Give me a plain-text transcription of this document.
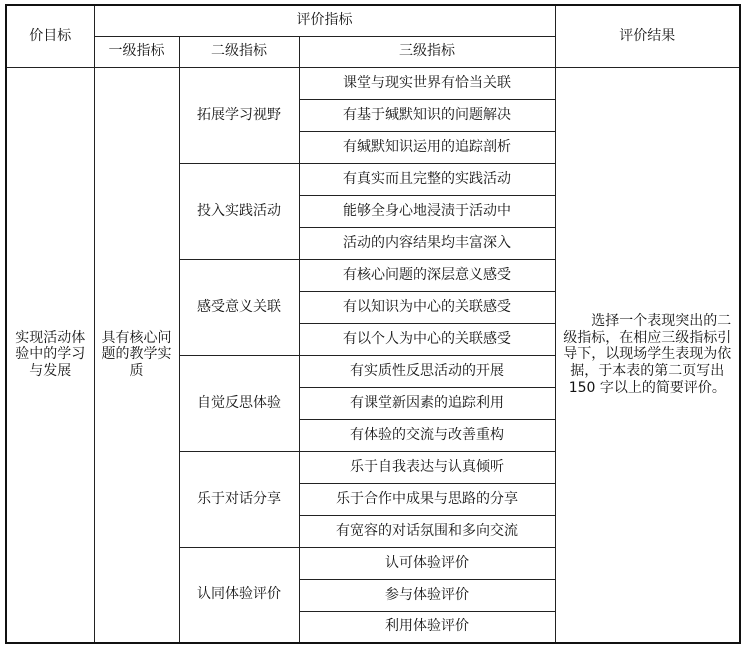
价目标	评价指标			评价结果
	一级指标	二级指标	三级指标	
实现活动体验中的学习与发展	具有核心问题的教学实质	拓展学习视野	课堂与现实世界有恰当关联	选择一个表现突出的二级指标，在相应三级指标引导下，以现场学生表现为依据，于本表的第二页写出 150 字以上的简要评价。
			有基于缄默知识的问题解决	
			有缄默知识运用的追踪剖析	
		投入实践活动	有真实而且完整的实践活动	
			能够全身心地浸渍于活动中	
			活动的内容结果均丰富深入	
		感受意义关联	有核心问题的深层意义感受	
			有以知识为中心的关联感受	
			有以个人为中心的关联感受	
		自觉反思体验	有实质性反思活动的开展	
			有课堂新因素的追踪利用	
			有体验的交流与改善重构	
		乐于对话分享	乐于自我表达与认真倾听	
			乐于合作中成果与思路的分享	
			有宽容的对话氛围和多向交流	
		认同体验评价	认可体验评价	
			参与体验评价	
			利用体验评价	
